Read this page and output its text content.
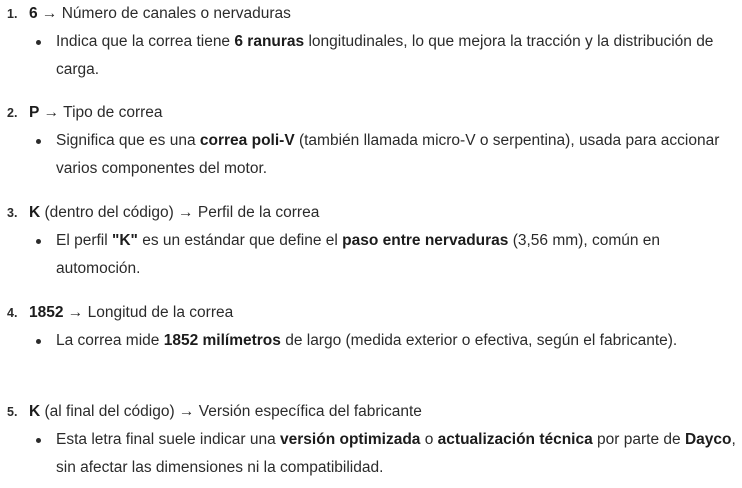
1. 6 → Número de canales o nervaduras
Indica que la correa tiene 6 ranuras longitudinales, lo que mejora la tracción y la distribución de carga.
2. P → Tipo de correa
Significa que es una correa poli-V (también llamada micro-V o serpentina), usada para accionar varios componentes del motor.
3. K (dentro del código) → Perfil de la correa
El perfil "K" es un estándar que define el paso entre nervaduras (3,56 mm), común en automoción.
4. 1852 → Longitud de la correa
La correa mide 1852 milímetros de largo (medida exterior o efectiva, según el fabricante).
5. K (al final del código) → Versión específica del fabricante
Esta letra final suele indicar una versión optimizada o actualización técnica por parte de Dayco, sin afectar las dimensiones ni la compatibilidad.
